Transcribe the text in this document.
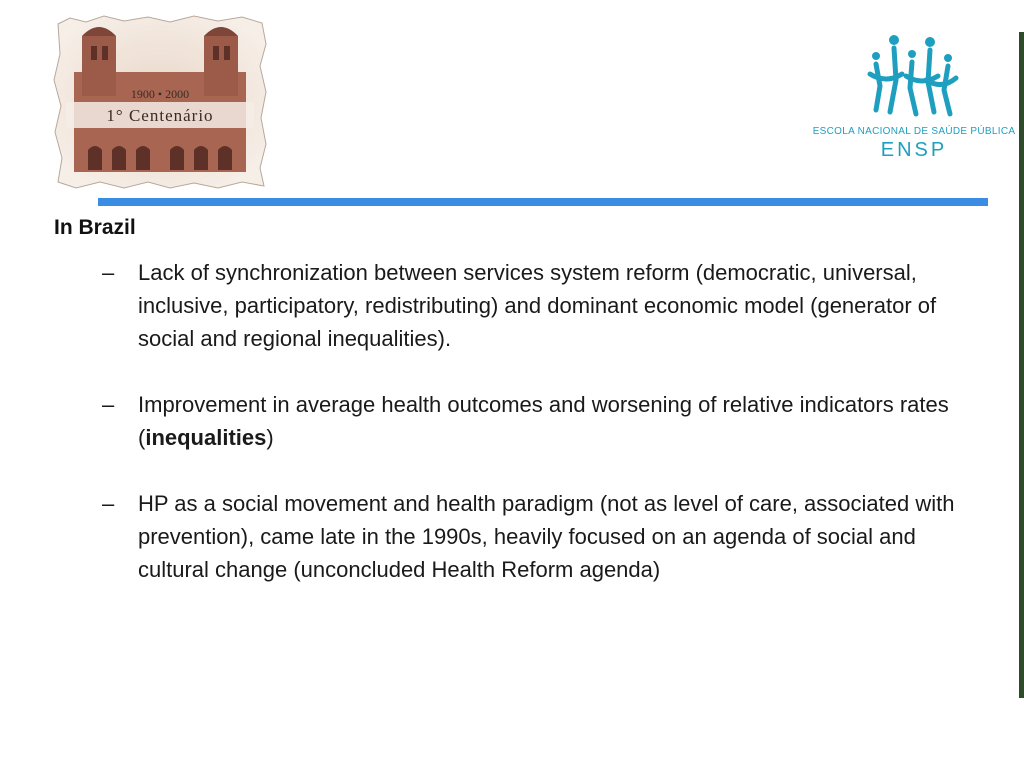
1900 • 2000
1° Centenário
ESCOLA NACIONAL DE SAÚDE PÚBLICA
ENSP
In Brazil
– Lack of synchronization between services system reform (democratic, universal, inclusive, participatory, redistributing) and dominant economic model (generator of social and regional inequalities).
– Improvement in average health outcomes and worsening of relative indicators rates (inequalities)
– HP as a social movement and health paradigm (not as level of care, associated with prevention), came late in the 1990s, heavily focused on an agenda of social and cultural change (unconcluded Health Reform agenda)
